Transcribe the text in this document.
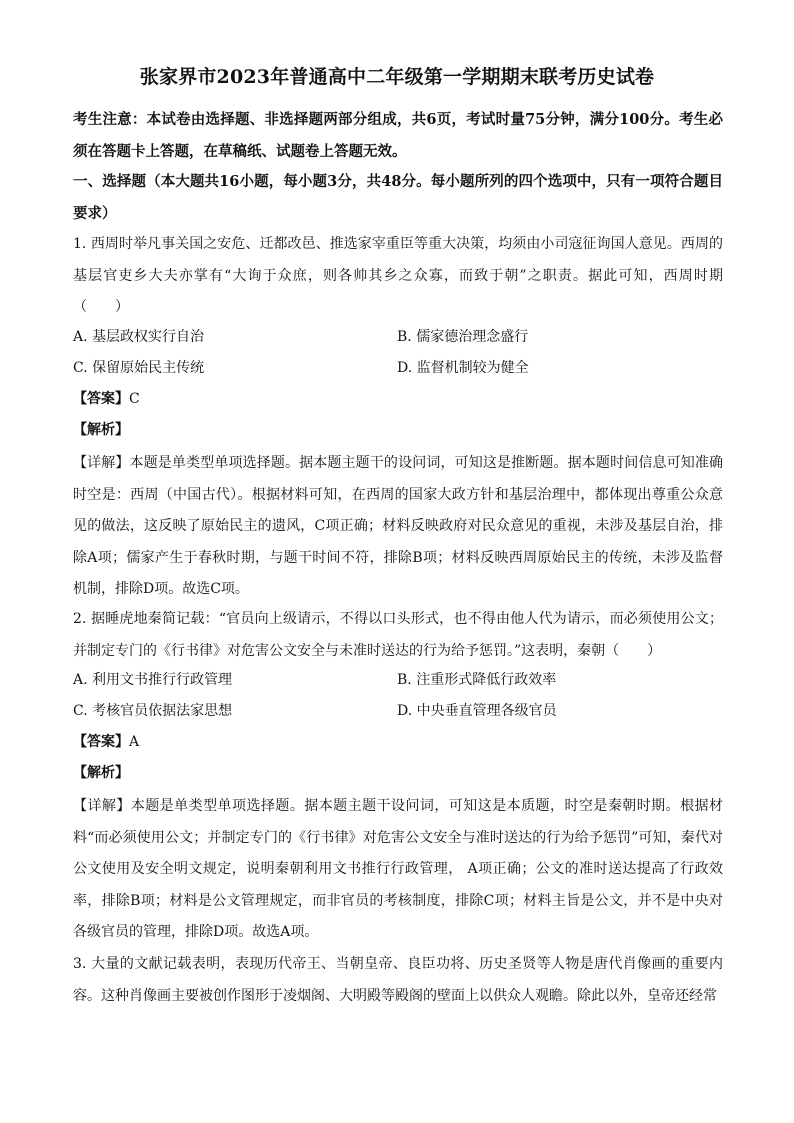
张家界市2023年普通高中二年级第一学期期末联考历史试卷
考生注意：本试卷由选择题、非选择题两部分组成，共6页，考试时量75分钟，满分100分。考生必须在答题卡上答题，在草稿纸、试题卷上答题无效。
一、选择题（本大题共16小题，每小题3分，共48分。每小题所列的四个选项中，只有一项符合题目要求）
1. 西周时举凡事关国之安危、迁都改邑、推选家宰重臣等重大决策，均须由小司寇征询国人意见。西周的基层官吏乡大夫亦掌有“大询于众庶，则各帅其乡之众寡，而致于朝”之职责。据此可知，西周时期（　　）
A. 基层政权实行自治	B. 儒家德治理念盛行
C. 保留原始民主传统	D. 监督机制较为健全
【答案】C
【解析】
【详解】本题是单类型单项选择题。据本题主题干的设问词，可知这是推断题。据本题时间信息可知准确时空是：西周（中国古代）。根据材料可知，在西周的国家大政方针和基层治理中，都体现出尊重公众意见的做法，这反映了原始民主的遗风，C项正确；材料反映政府对民众意见的重视，未涉及基层自治，排除A项；儒家产生于春秋时期，与题干时间不符，排除B项；材料反映西周原始民主的传统，未涉及监督机制，排除D项。故选C项。
2. 据睡虎地秦简记载：“官员向上级请示，不得以口头形式，也不得由他人代为请示，而必须使用公文；并制定专门的《行书律》对危害公文安全与未准时送达的行为给予惩罚。”这表明，秦朝（　　）
A. 利用文书推行行政管理	B. 注重形式降低行政效率
C. 考核官员依据法家思想	D. 中央垂直管理各级官员
【答案】A
【解析】
【详解】本题是单类型单项选择题。据本题主题干设问词，可知这是本质题，时空是秦朝时期。根据材料“而必须使用公文；并制定专门的《行书律》对危害公文安全与准时送达的行为给予惩罚”可知，秦代对公文使用及安全明文规定，说明秦朝利用文书推行行政管理， A项正确；公文的准时送达提高了行政效率，排除B项；材料是公文管理规定，而非官员的考核制度，排除C项；材料主旨是公文，并不是中央对各级官员的管理，排除D项。故选A项。
3. 大量的文献记载表明，表现历代帝王、当朝皇帝、良臣功将、历史圣贤等人物是唐代肖像画的重要内容。这种肖像画主要被创作图形于凌烟阁、大明殿等殿阁的壁面上以供众人观瞻。除此以外，皇帝还经常
